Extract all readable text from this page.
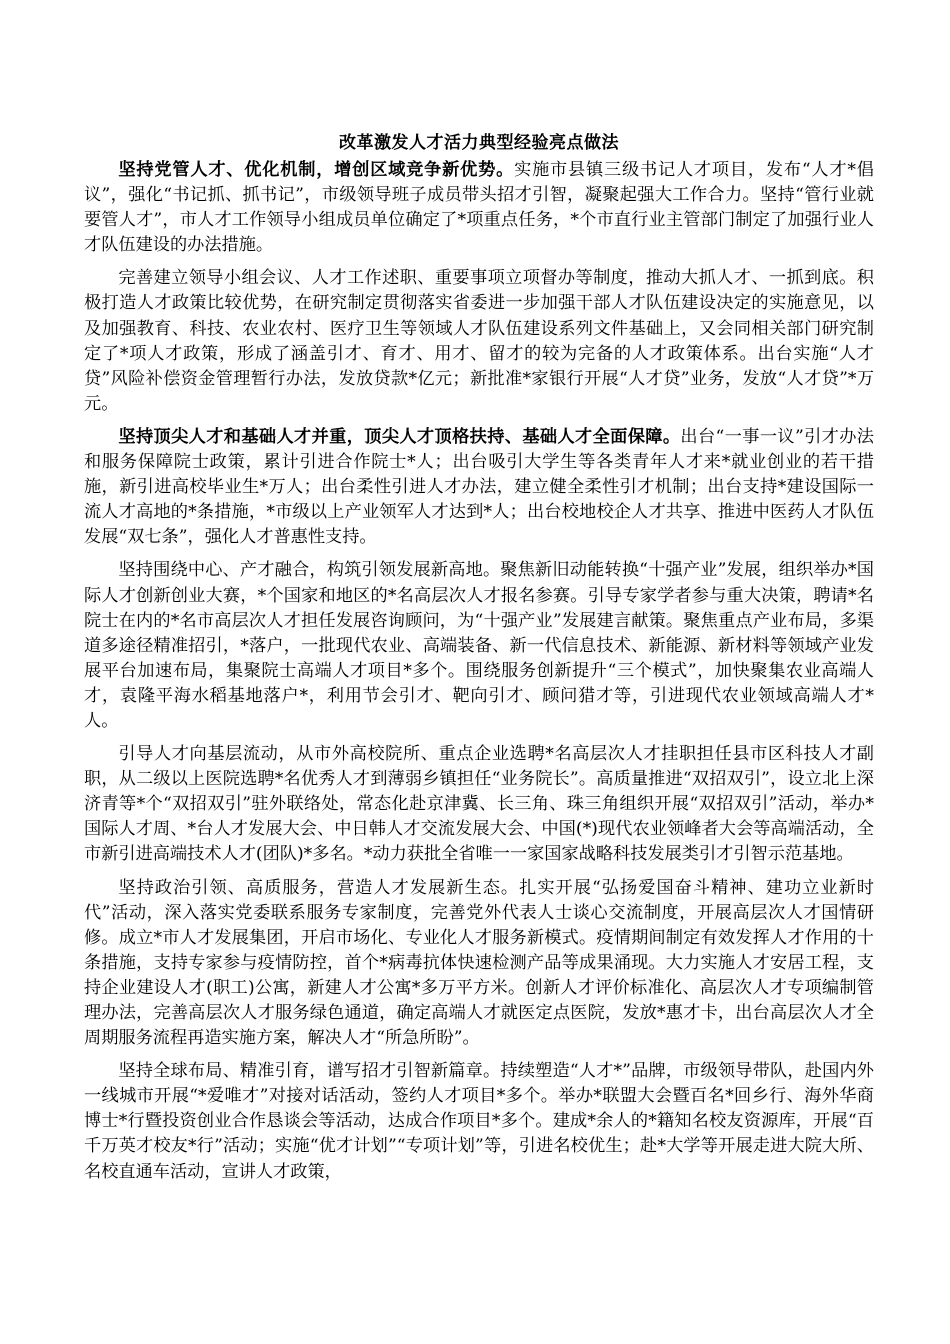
改革激发人才活力典型经验亮点做法

坚持党管人才、优化机制，增创区域竞争新优势。实施市县镇三级书记人才项目，发布“人才*倡议”，强化“书记抓、抓书记”，市级领导班子成员带头招才引智，凝聚起强大工作合力。坚持“管行业就要管人才”，市人才工作领导小组成员单位确定了*项重点任务，*个市直行业主管部门制定了加强行业人才队伍建设的办法措施。

完善建立领导小组会议、人才工作述职、重要事项立项督办等制度，推动大抓人才、一抓到底。积极打造人才政策比较优势，在研究制定贯彻落实省委进一步加强干部人才队伍建设决定的实施意见，以及加强教育、科技、农业农村、医疗卫生等领域人才队伍建设系列文件基础上，又会同相关部门研究制定了*项人才政策，形成了涵盖引才、育才、用才、留才的较为完备的人才政策体系。出台实施“人才贷”风险补偿资金管理暂行办法，发放贷款*亿元；新批准*家银行开展“人才贷”业务，发放“人才贷”*万元。

坚持顶尖人才和基础人才并重，顶尖人才顶格扶持、基础人才全面保障。出台“一事一议”引才办法和服务保障院士政策，累计引进合作院士*人；出台吸引大学生等各类青年人才来*就业创业的若干措施，新引进高校毕业生*万人；出台柔性引进人才办法，建立健全柔性引才机制；出台支持*建设国际一流人才高地的*条措施，*市级以上产业领军人才达到*人；出台校地校企人才共享、推进中医药人才队伍发展“双七条”，强化人才普惠性支持。

坚持围绕中心、产才融合，构筑引领发展新高地。聚焦新旧动能转换“十强产业”发展，组织举办*国际人才创新创业大赛，*个国家和地区的*名高层次人才报名参赛。引导专家学者参与重大决策，聘请*名院士在内的*名市高层次人才担任发展咨询顾问，为“十强产业”发展建言献策。聚焦重点产业布局，多渠道多途径精准招引，*落户，一批现代农业、高端装备、新一代信息技术、新能源、新材料等领域产业发展平台加速布局，集聚院士高端人才项目*多个。围绕服务创新提升“三个模式”，加快聚集农业高端人才，袁隆平海水稻基地落户*，利用节会引才、靶向引才、顾问猎才等，引进现代农业领域高端人才*人。

引导人才向基层流动，从市外高校院所、重点企业选聘*名高层次人才挂职担任县市区科技人才副职，从二级以上医院选聘*名优秀人才到薄弱乡镇担任“业务院长”。高质量推进“双招双引”，设立北上深济青等*个“双招双引”驻外联络处，常态化赴京津冀、长三角、珠三角组织开展“双招双引”活动，举办*国际人才周、*台人才发展大会、中日韩人才交流发展大会、中国(*)现代农业领峰者大会等高端活动，全市新引进高端技术人才(团队)*多名。*动力获批全省唯一一家国家战略科技发展类引才引智示范基地。

坚持政治引领、高质服务，营造人才发展新生态。扎实开展“弘扬爱国奋斗精神、建功立业新时代”活动，深入落实党委联系服务专家制度，完善党外代表人士谈心交流制度，开展高层次人才国情研修。成立*市人才发展集团，开启市场化、专业化人才服务新模式。疫情期间制定有效发挥人才作用的十条措施，支持专家参与疫情防控，首个*病毒抗体快速检测产品等成果涌现。大力实施人才安居工程，支持企业建设人才(职工)公寓，新建人才公寓*多万平方米。创新人才评价标准化、高层次人才专项编制管理办法，完善高层次人才服务绿色通道，确定高端人才就医定点医院，发放*惠才卡，出台高层次人才全周期服务流程再造实施方案，解决人才“所急所盼”。

坚持全球布局、精准引育，谱写招才引智新篇章。持续塑造“人才*”品牌，市级领导带队，赴国内外一线城市开展“*爱唯才”对接对话活动，签约人才项目*多个。举办*联盟大会暨百名*回乡行、海外华商博士*行暨投资创业合作恳谈会等活动，达成合作项目*多个。建成*余人的*籍知名校友资源库，开展“百千万英才校友*行”活动；实施“优才计划”“专项计划”等，引进名校优生；赴*大学等开展走进大院大所、名校直通车活动，宣讲人才政策，
